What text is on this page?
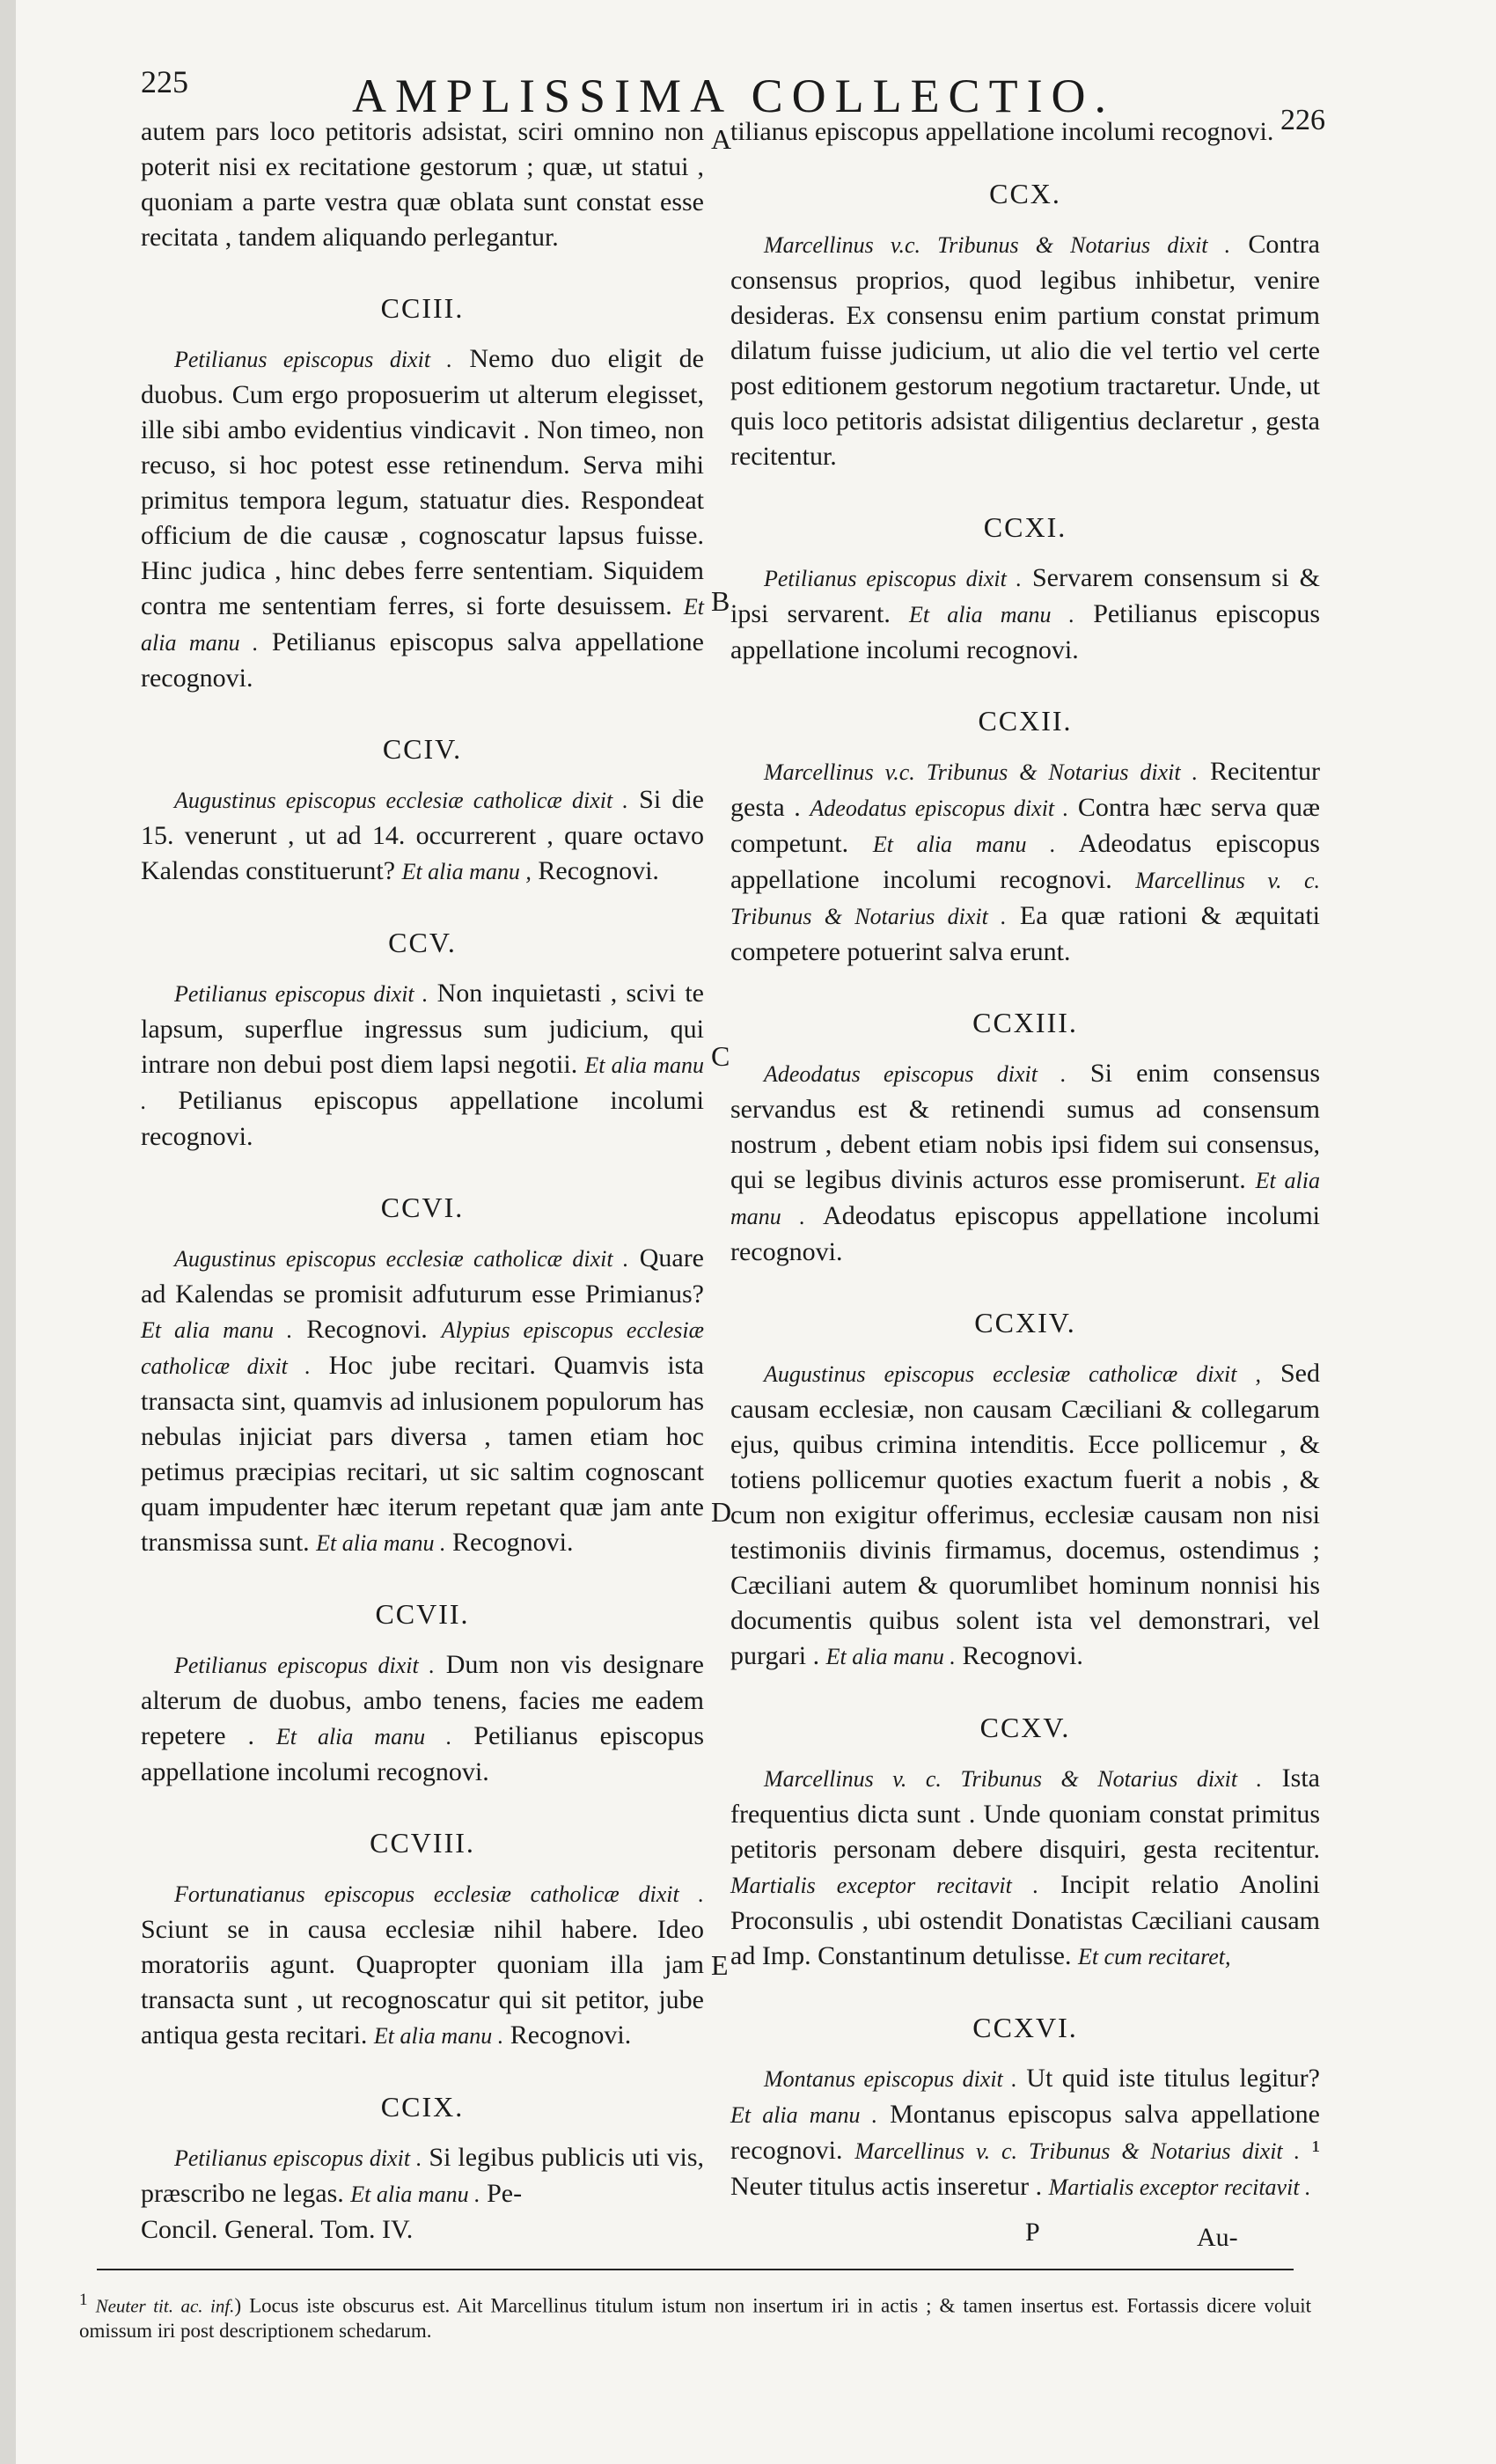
225	AMPLISSIMA COLLECTIO.	226

autem pars loco petitoris adsistat, sciri omnino non poterit nisi ex recitatione gestorum ; quæ, ut statui , quoniam a parte vestra quæ oblata sunt constat esse recitata , tandem aliquando perlegantur.

CCIII.

Petilianus episcopus dixit . Nemo duo eligit de duobus. Cum ergo proposuerim ut alterum elegisset, ille sibi ambo evidentius vindicavit . Non timeo, non recuso, si hoc potest esse retinendum. Serva mihi primitus tempora legum, statuatur dies. Respondeat officium de die causæ , cognoscatur lapsus fuisse. Hinc judica , hinc debes ferre sententiam. Siquidem contra me sententiam ferres, si forte desuissem. Et alia manu . Petilianus episcopus salva appellatione recognovi.

CCIV.

Augustinus episcopus ecclesiæ catholicæ dixit . Si die 15. venerunt , ut ad 14. occurrerent , quare octavo Kalendas constituerunt? Et alia manu , Recognovi.

CCV.

Petilianus episcopus dixit . Non inquietasti , scivi te lapsum, superflue ingressus sum judicium, qui intrare non debui post diem lapsi negotii. Et alia manu . Petilianus episcopus appellatione incolumi recognovi.

CCVI.

Augustinus episcopus ecclesiæ catholicæ dixit . Quare ad Kalendas se promisit adfuturum esse Primianus? Et alia manu . Recognovi. Alypius episcopus ecclesiæ catholicæ dixit . Hoc jube recitari. Quamvis ista transacta sint, quamvis ad inlusionem populorum has nebulas injiciat pars diversa , tamen etiam hoc petimus præcipias recitari, ut sic saltim cognoscant quam impudenter hæc iterum repetant quæ jam ante transmissa sunt. Et alia manu . Recognovi.

CCVII.

Petilianus episcopus dixit . Dum non vis designare alterum de duobus, ambo tenens, facies me eadem repetere . Et alia manu . Petilianus episcopus appellatione incolumi recognovi.

CCVIII.

Fortunatianus episcopus ecclesiæ catholicæ dixit . Sciunt se in causa ecclesiæ nihil habere. Ideo moratoriis agunt. Quapropter quoniam illa jam transacta sunt , ut recognoscatur qui sit petitor, jube antiqua gesta recitari. Et alia manu . Recognovi.

CCIX.

Petilianus episcopus dixit . Si legibus publicis uti vis, præscribo ne legas. Et alia manu . Pe-

Concil. General. Tom. IV.

A
B
C
D
E

tilianus episcopus appellatione incolumi recognovi.

CCX.

Marcellinus v.c. Tribunus & Notarius dixit . Contra consensus proprios, quod legibus inhibetur, venire desideras. Ex consensu enim partium constat primum dilatum fuisse judicium, ut alio die vel tertio vel certe post editionem gestorum negotium tractaretur. Unde, ut quis loco petitoris adsistat diligentius declaretur , gesta recitentur.

CCXI.

Petilianus episcopus dixit . Servarem consensum si & ipsi servarent. Et alia manu . Petilianus episcopus appellatione incolumi recognovi.

CCXII.

Marcellinus v.c. Tribunus & Notarius dixit . Recitentur gesta . Adeodatus episcopus dixit . Contra hæc serva quæ competunt. Et alia manu . Adeodatus episcopus appellatione incolumi recognovi. Marcellinus v. c. Tribunus & Notarius dixit . Ea quæ rationi & æquitati competere potuerint salva erunt.

CCXIII.

Adeodatus episcopus dixit . Si enim consensus servandus est & retinendi sumus ad consensum nostrum , debent etiam nobis ipsi fidem sui consensus, qui se legibus divinis acturos esse promiserunt. Et alia manu . Adeodatus episcopus appellatione incolumi recognovi.

CCXIV.

Augustinus episcopus ecclesiæ catholicæ dixit , Sed causam ecclesiæ, non causam Cæciliani & collegarum ejus, quibus crimina intenditis. Ecce pollicemur , & totiens pollicemur quoties exactum fuerit a nobis , & cum non exigitur offerimus, ecclesiæ causam non nisi testimoniis divinis firmamus, docemus, ostendimus ; Cæciliani autem & quorumlibet hominum nonnisi his documentis quibus solent ista vel demonstrari, vel purgari . Et alia manu . Recognovi.

CCXV.

Marcellinus v. c. Tribunus & Notarius dixit . Ista frequentius dicta sunt . Unde quoniam constat primitus petitoris personam debere disquiri, gesta recitentur. Martialis exceptor recitavit . Incipit relatio Anolini Proconsulis , ubi ostendit Donatistas Cæciliani causam ad Imp. Constantinum detulisse. Et cum recitaret,

CCXVI.

Montanus episcopus dixit . Ut quid iste titulus legitur? Et alia manu . Montanus episcopus salva appellatione recognovi. Marcellinus v. c. Tribunus & Notarius dixit . ¹ Neuter titulus actis inseretur . Martialis exceptor recitavit .

P	Au-
$^1$ Neuter tit. ac. inf.) Locus iste obscurus est. Ait Marcellinus titulum istum non insertum iri in actis ; & tamen insertus est. Fortassis dicere voluit omissum iri post descriptionem schedarum.
